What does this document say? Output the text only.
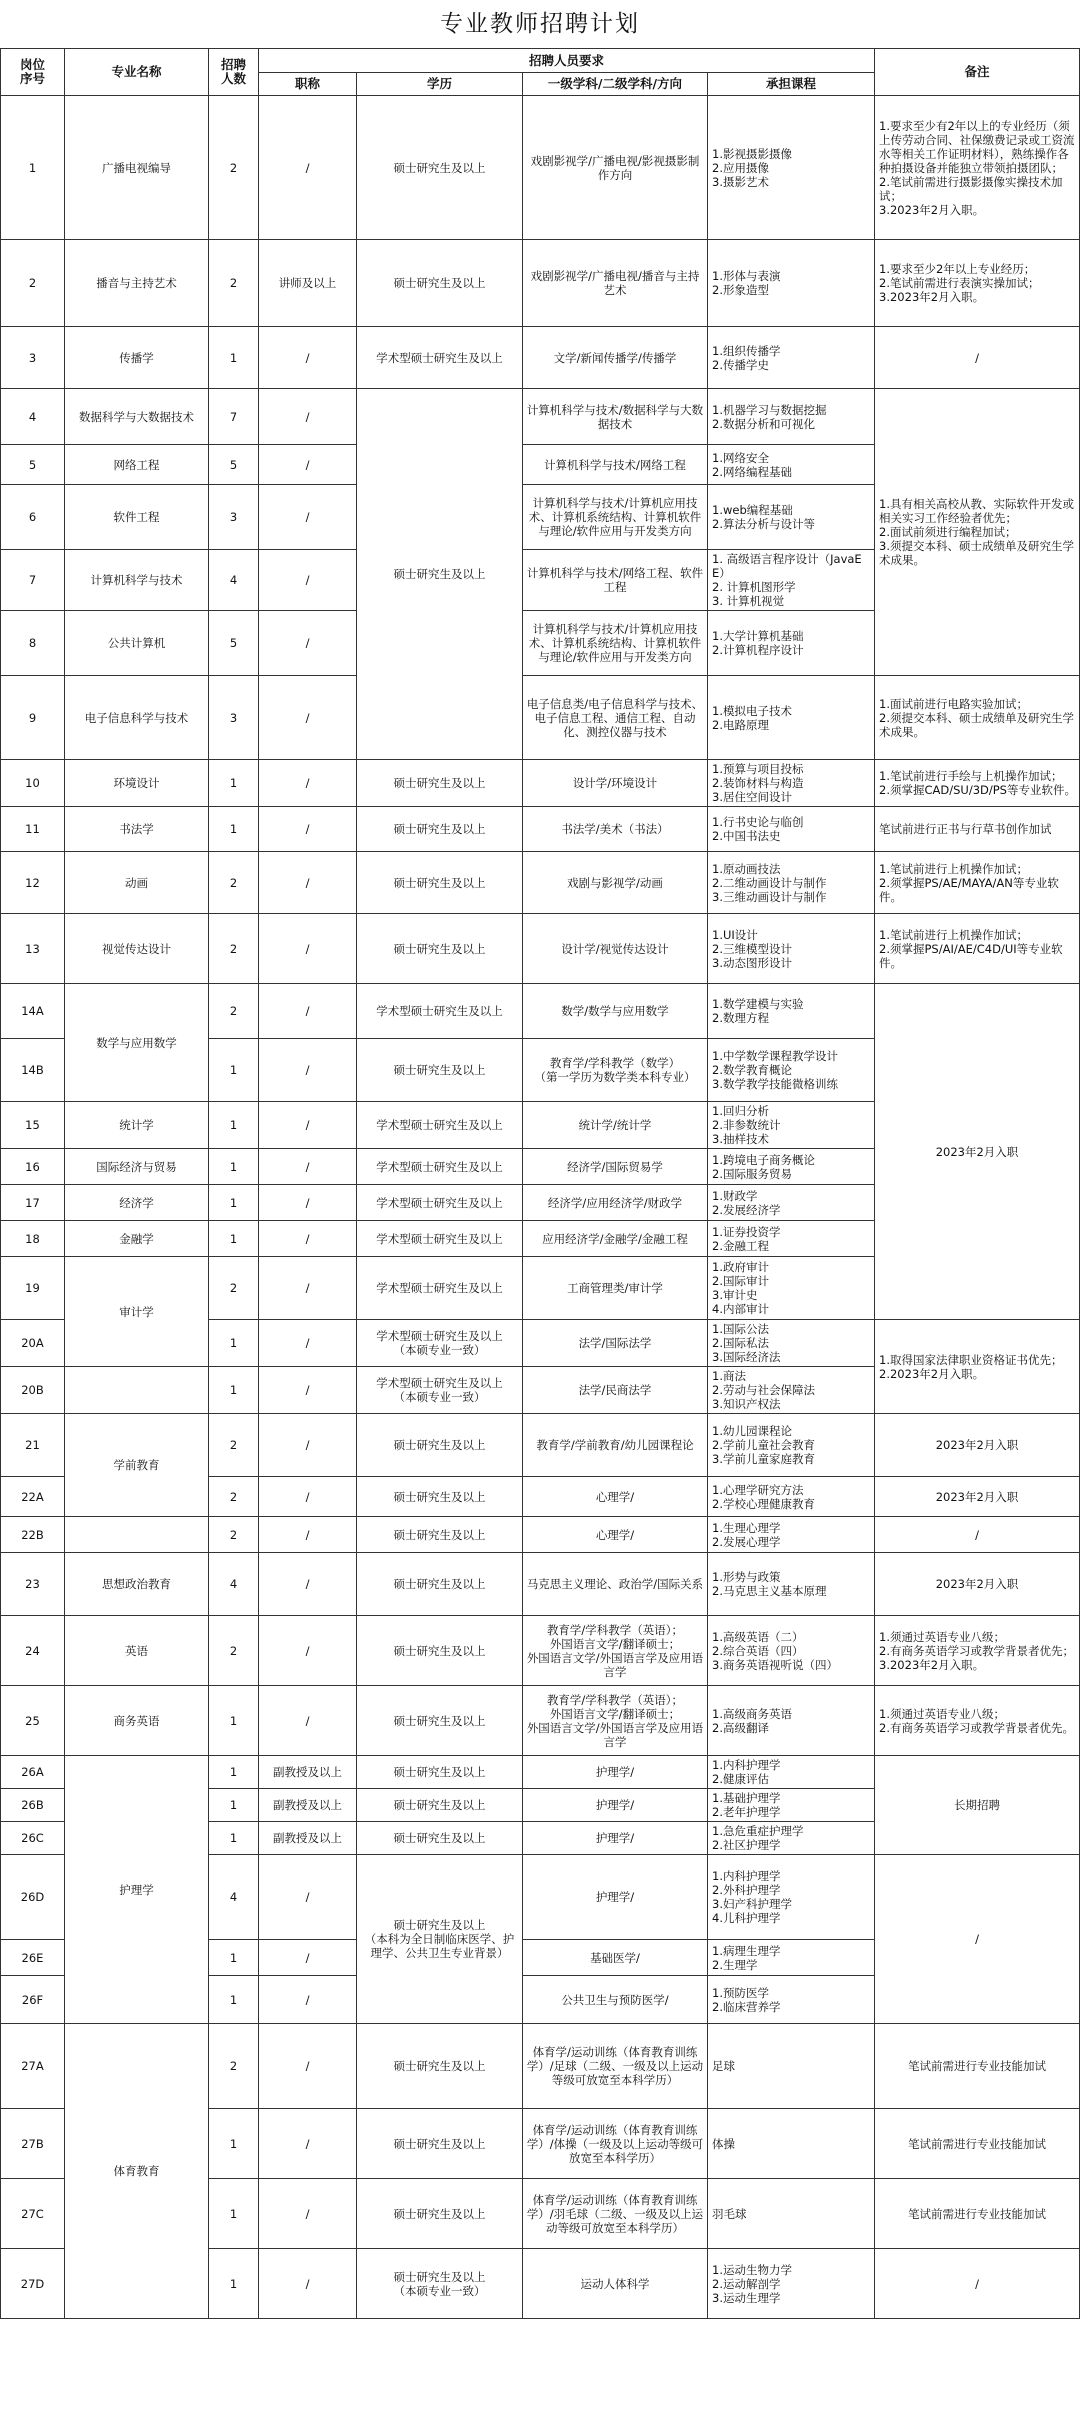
专业教师招聘计划
岗位
序号	专业名称	招聘
人数	招聘人员要求				备注
			职称	学历	一级学科/二级学科/方向	承担课程	
1	广播电视编导	2	/	硕士研究生及以上	戏剧影视学/广播电视/影视摄影制作方向	1.影视摄影摄像
2.应用摄像
3.摄影艺术	1.要求至少有2年以上的专业经历（须上传劳动合同、社保缴费记录或工资流水等相关工作证明材料），熟练操作各种拍摄设备并能独立带领拍摄团队；
2.笔试前需进行摄影摄像实操技术加试；
3.2023年2月入职。
2	播音与主持艺术	2	讲师及以上	硕士研究生及以上	戏剧影视学/广播电视/播音与主持艺术	1.形体与表演
2.形象造型	1.要求至少2年以上专业经历；
2.笔试前需进行表演实操加试；
3.2023年2月入职。
3	传播学	1	/	学术型硕士研究生及以上	文学/新闻传播学/传播学	1.组织传播学
2.传播学史	/
4	数据科学与大数据技术	7	/	硕士研究生及以上	计算机科学与技术/数据科学与大数据技术	1.机器学习与数据挖掘
2.数据分析和可视化	1.具有相关高校从教、实际软件开发或相关实习工作经验者优先；
2.面试前须进行编程加试；
3.须提交本科、硕士成绩单及研究生学术成果。
5	网络工程	5	/		计算机科学与技术/网络工程	1.网络安全
2.网络编程基础	
6	软件工程	3	/		计算机科学与技术/计算机应用技术、计算机系统结构、计算机软件与理论/软件应用与开发类方向	1.web编程基础
2.算法分析与设计等	
7	计算机科学与技术	4	/		计算机科学与技术/网络工程、软件工程	1. 高级语言程序设计（JavaEE）
2. 计算机图形学
3. 计算机视觉	
8	公共计算机	5	/		计算机科学与技术/计算机应用技术、计算机系统结构、计算机软件与理论/软件应用与开发类方向	1.大学计算机基础
2.计算机程序设计	
9	电子信息科学与技术	3	/		电子信息类/电子信息科学与技术、电子信息工程、通信工程、自动化、测控仪器与技术	1.模拟电子技术
2.电路原理	1.面试前进行电路实验加试；
2.须提交本科、硕士成绩单及研究生学术成果。
10	环境设计	1	/	硕士研究生及以上	设计学/环境设计	1.预算与项目投标
2.装饰材料与构造
3.居住空间设计	1.笔试前进行手绘与上机操作加试；
2.须掌握CAD/SU/3D/PS等专业软件。
11	书法学	1	/	硕士研究生及以上	书法学/美术（书法）	1.行书史论与临创
2.中国书法史	笔试前进行正书与行草书创作加试
12	动画	2	/	硕士研究生及以上	戏剧与影视学/动画	1.原动画技法
2.二维动画设计与制作
3.三维动画设计与制作	1.笔试前进行上机操作加试；
2.须掌握PS/AE/MAYA/AN等专业软件。
13	视觉传达设计	2	/	硕士研究生及以上	设计学/视觉传达设计	1.UI设计
2.三维模型设计
3.动态图形设计	1.笔试前进行上机操作加试；
2.须掌握PS/AI/AE/C4D/UI等专业软件。
14A	数学与应用数学	2	/	学术型硕士研究生及以上	数学/数学与应用数学	1.数学建模与实验
2.数理方程	2023年2月入职
14B		1	/	硕士研究生及以上	教育学/学科教学（数学）
（第一学历为数学类本科专业）	1.中学数学课程教学设计
2.数学教育概论
3.数学教学技能微格训练	
15	统计学	1	/	学术型硕士研究生及以上	统计学/统计学	1.回归分析
2.非参数统计
3.抽样技术	
16	国际经济与贸易	1	/	学术型硕士研究生及以上	经济学/国际贸易学	1.跨境电子商务概论
2.国际服务贸易	
17	经济学	1	/	学术型硕士研究生及以上	经济学/应用经济学/财政学	1.财政学
2.发展经济学	
18	金融学	1	/	学术型硕士研究生及以上	应用经济学/金融学/金融工程	1.证券投资学
2.金融工程	
19	审计学	2	/	学术型硕士研究生及以上	工商管理类/审计学	1.政府审计
2.国际审计
3.审计史
4.内部审计	
20A		1	/	学术型硕士研究生及以上
（本硕专业一致）	法学/国际法学	1.国际公法
2.国际私法
3.国际经济法	1.取得国家法律职业资格证书优先；
2.2023年2月入职。
20B		1	/	学术型硕士研究生及以上
（本硕专业一致）	法学/民商法学	1.商法
2.劳动与社会保障法
3.知识产权法	
21	学前教育	2	/	硕士研究生及以上	教育学/学前教育/幼儿园课程论	1.幼儿园课程论
2.学前儿童社会教育
3.学前儿童家庭教育	2023年2月入职
22A		2	/	硕士研究生及以上	心理学/	1.心理学研究方法
2.学校心理健康教育	2023年2月入职
22B		2	/	硕士研究生及以上	心理学/	1.生理心理学
2.发展心理学	/
23	思想政治教育	4	/	硕士研究生及以上	马克思主义理论、政治学/国际关系	1.形势与政策
2.马克思主义基本原理	2023年2月入职
24	英语	2	/	硕士研究生及以上	教育学/学科教学（英语）；
外国语言文学/翻译硕士；
外国语言文学/外国语言学及应用语言学	1.高级英语（二）
2.综合英语（四）
3.商务英语视听说（四）	1.须通过英语专业八级；
2.有商务英语学习或教学背景者优先；
3.2023年2月入职。
25	商务英语	1	/	硕士研究生及以上	教育学/学科教学（英语）；
外国语言文学/翻译硕士；
外国语言文学/外国语言学及应用语言学	1.高级商务英语
2.高级翻译	1.须通过英语专业八级；
2.有商务英语学习或教学背景者优先。
26A	护理学	1	副教授及以上	硕士研究生及以上	护理学/	1.内科护理学
2.健康评估	长期招聘
26B		1	副教授及以上	硕士研究生及以上	护理学/	1.基础护理学
2.老年护理学	
26C		1	副教授及以上	硕士研究生及以上	护理学/	1.急危重症护理学
2.社区护理学	
26D		4	/	硕士研究生及以上
（本科为全日制临床医学、护理学、公共卫生专业背景）	护理学/	1.内科护理学
2.外科护理学
3.妇产科护理学
4.儿科护理学	/
26E		1	/		基础医学/	1.病理生理学
2.生理学	
26F		1	/		公共卫生与预防医学/	1.预防医学
2.临床营养学	
27A	体育教育	2	/	硕士研究生及以上	体育学/运动训练（体育教育训练学）/足球（二级、一级及以上运动等级可放宽至本科学历）	足球	笔试前需进行专业技能加试
27B		1	/	硕士研究生及以上	体育学/运动训练（体育教育训练学）/体操（一级及以上运动等级可放宽至本科学历）	体操	笔试前需进行专业技能加试
27C		1	/	硕士研究生及以上	体育学/运动训练（体育教育训练学）/羽毛球（二级、一级及以上运动等级可放宽至本科学历）	羽毛球	笔试前需进行专业技能加试
27D		1	/	硕士研究生及以上
（本硕专业一致）	运动人体科学	1.运动生物力学
2.运动解剖学
3.运动生理学	/
